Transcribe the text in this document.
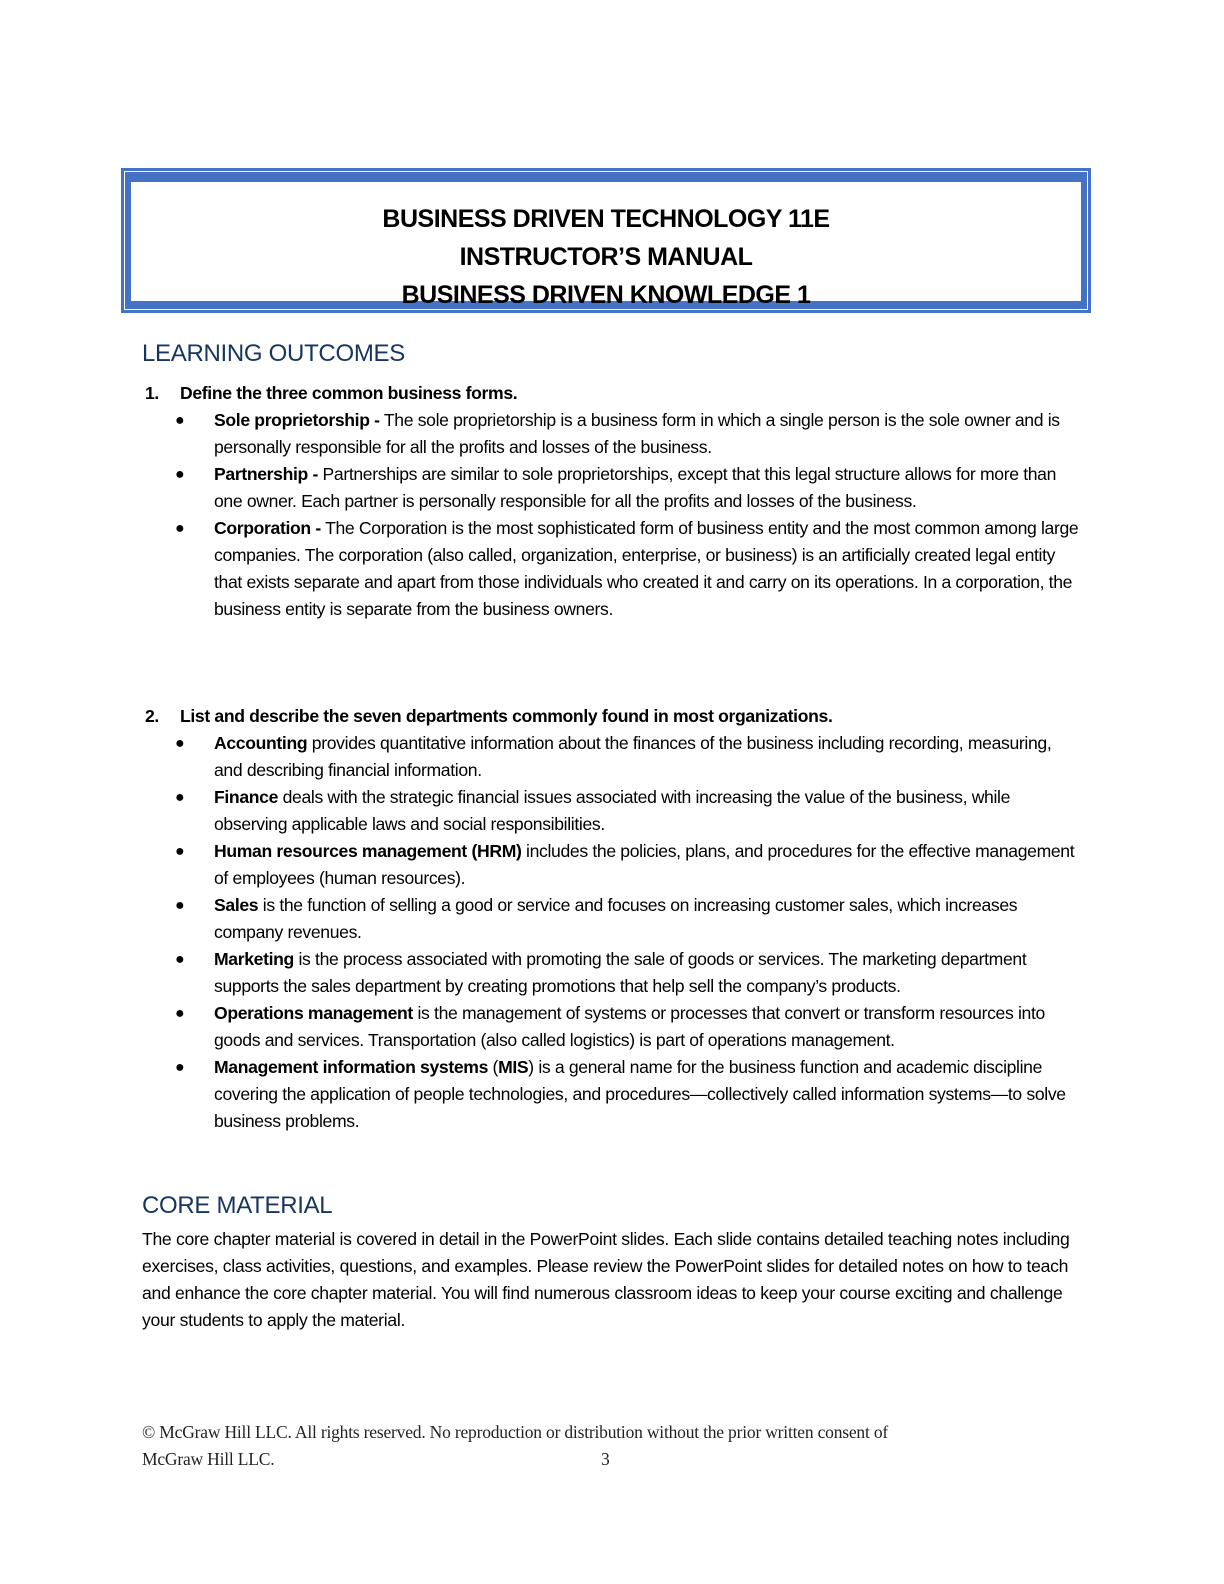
BUSINESS DRIVEN TECHNOLOGY 11E
INSTRUCTOR’S MANUAL
BUSINESS DRIVEN KNOWLEDGE 1
LEARNING OUTCOMES
1. Define the three common business forms.
● Sole proprietorship - The sole proprietorship is a business form in which a single person is the sole owner and is personally responsible for all the profits and losses of the business.
● Partnership - Partnerships are similar to sole proprietorships, except that this legal structure allows for more than one owner. Each partner is personally responsible for all the profits and losses of the business.
● Corporation - The Corporation is the most sophisticated form of business entity and the most common among large companies. The corporation (also called, organization, enterprise, or business) is an artificially created legal entity that exists separate and apart from those individuals who created it and carry on its operations. In a corporation, the business entity is separate from the business owners.
2. List and describe the seven departments commonly found in most organizations.
● Accounting provides quantitative information about the finances of the business including recording, measuring, and describing financial information.
● Finance deals with the strategic financial issues associated with increasing the value of the business, while observing applicable laws and social responsibilities.
● Human resources management (HRM) includes the policies, plans, and procedures for the effective management of employees (human resources).
● Sales is the function of selling a good or service and focuses on increasing customer sales, which increases company revenues.
● Marketing is the process associated with promoting the sale of goods or services. The marketing department supports the sales department by creating promotions that help sell the company’s products.
● Operations management is the management of systems or processes that convert or transform resources into goods and services. Transportation (also called logistics) is part of operations management.
● Management information systems (MIS) is a general name for the business function and academic discipline covering the application of people technologies, and procedures—collectively called information systems—to solve business problems.
CORE MATERIAL
The core chapter material is covered in detail in the PowerPoint slides. Each slide contains detailed teaching notes including exercises, class activities, questions, and examples. Please review the PowerPoint slides for detailed notes on how to teach and enhance the core chapter material. You will find numerous classroom ideas to keep your course exciting and challenge your students to apply the material.
© McGraw Hill LLC. All rights reserved. No reproduction or distribution without the prior written consent of
McGraw Hill LLC.	3
